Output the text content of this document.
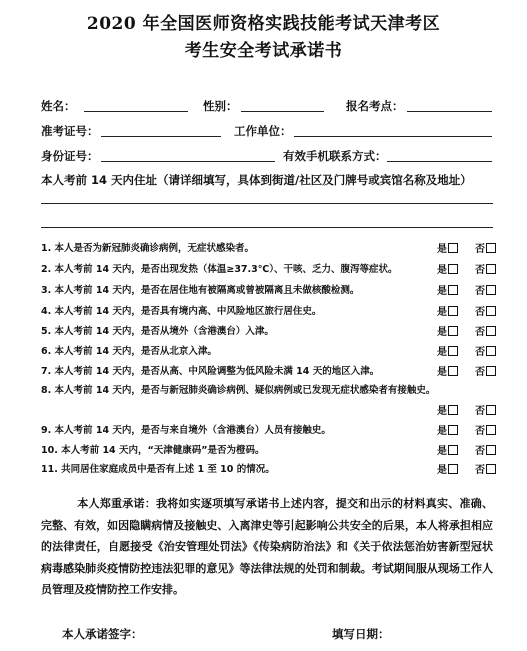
2020 年全国医师资格实践技能考试天津考区
考生安全考试承诺书
姓名：	性别：	报名考点：
准考证号：	工作单位：
身份证号：	有效手机联系方式：
本人考前 14 天内住址（请详细填写，具体到街道/社区及门牌号或宾馆名称及地址）
1. 本人是否为新冠肺炎确诊病例，无症状感染者。	是	否
2. 本人考前 14 天内，是否出现发热（体温≥37.3℃）、干咳、乏力、腹泻等症状。	是	否
3. 本人考前 14 天内，是否在居住地有被隔离或曾被隔离且未做核酸检测。	是	否
4. 本人考前 14 天内，是否具有境内高、中风险地区旅行居住史。	是	否
5. 本人考前 14 天内，是否从境外（含港澳台）入津。	是	否
6. 本人考前 14 天内，是否从北京入津。	是	否
7. 本人考前 14 天内，是否从高、中风险调整为低风险未满 14 天的地区入津。	是	否
8. 本人考前 14 天内，是否与新冠肺炎确诊病例、疑似病例或已发现无症状感染者有接触史。
是	否
9. 本人考前 14 天内，是否与来自境外（含港澳台）人员有接触史。	是	否
10. 本人考前 14 天内，“天津健康码”是否为橙码。	是	否
11. 共同居住家庭成员中是否有上述 1 至 10 的情况。	是	否
本人郑重承诺：我将如实逐项填写承诺书上述内容，提交和出示的材料真实、准确、完整、有效，如因隐瞒病情及接触史、入离津史等引起影响公共安全的后果，本人将承担相应的法律责任，自愿接受《治安管理处罚法》《传染病防治法》和《关于依法惩治妨害新型冠状病毒感染肺炎疫情防控违法犯罪的意见》等法律法规的处罚和制裁。考试期间服从现场工作人员管理及疫情防控工作安排。
本人承诺签字：	填写日期：
